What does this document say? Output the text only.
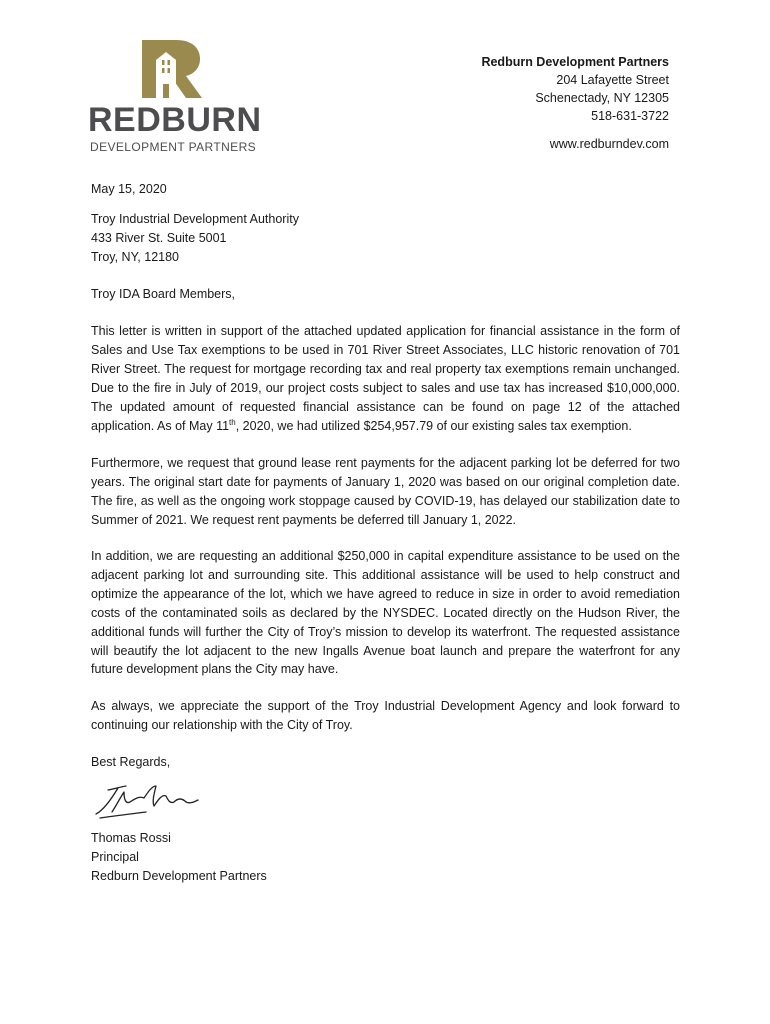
REDBURN
DEVELOPMENT PARTNERS
Redburn Development Partners
204 Lafayette Street
Schenectady, NY 12305
518-631-3722
www.redburndev.com
May 15, 2020
Troy Industrial Development Authority
433 River St. Suite 5001
Troy, NY, 12180
Troy IDA Board Members,

This letter is written in support of the attached updated application for financial assistance in the form of Sales and Use Tax exemptions to be used in 701 River Street Associates, LLC historic renovation of 701 River Street. The request for mortgage recording tax and real property tax exemptions remain unchanged. Due to the fire in July of 2019, our project costs subject to sales and use tax has increased $10,000,000. The updated amount of requested financial assistance can be found on page 12 of the attached application. As of May 11th, 2020, we had utilized $254,957.79 of our existing sales tax exemption.

Furthermore, we request that ground lease rent payments for the adjacent parking lot be deferred for two years. The original start date for payments of January 1, 2020 was based on our original completion date. The fire, as well as the ongoing work stoppage caused by COVID-19, has delayed our stabilization date to Summer of 2021. We request rent payments be deferred till January 1, 2022.

In addition, we are requesting an additional $250,000 in capital expenditure assistance to be used on the adjacent parking lot and surrounding site. This additional assistance will be used to help construct and optimize the appearance of the lot, which we have agreed to reduce in size in order to avoid remediation costs of the contaminated soils as declared by the NYSDEC. Located directly on the Hudson River, the additional funds will further the City of Troy’s mission to develop its waterfront. The requested assistance will beautify the lot adjacent to the new Ingalls Avenue boat launch and prepare the waterfront for any future development plans the City may have.

As always, we appreciate the support of the Troy Industrial Development Agency and look forward to continuing our relationship with the City of Troy.

Best Regards,
Thomas Rossi
Principal
Redburn Development Partners
